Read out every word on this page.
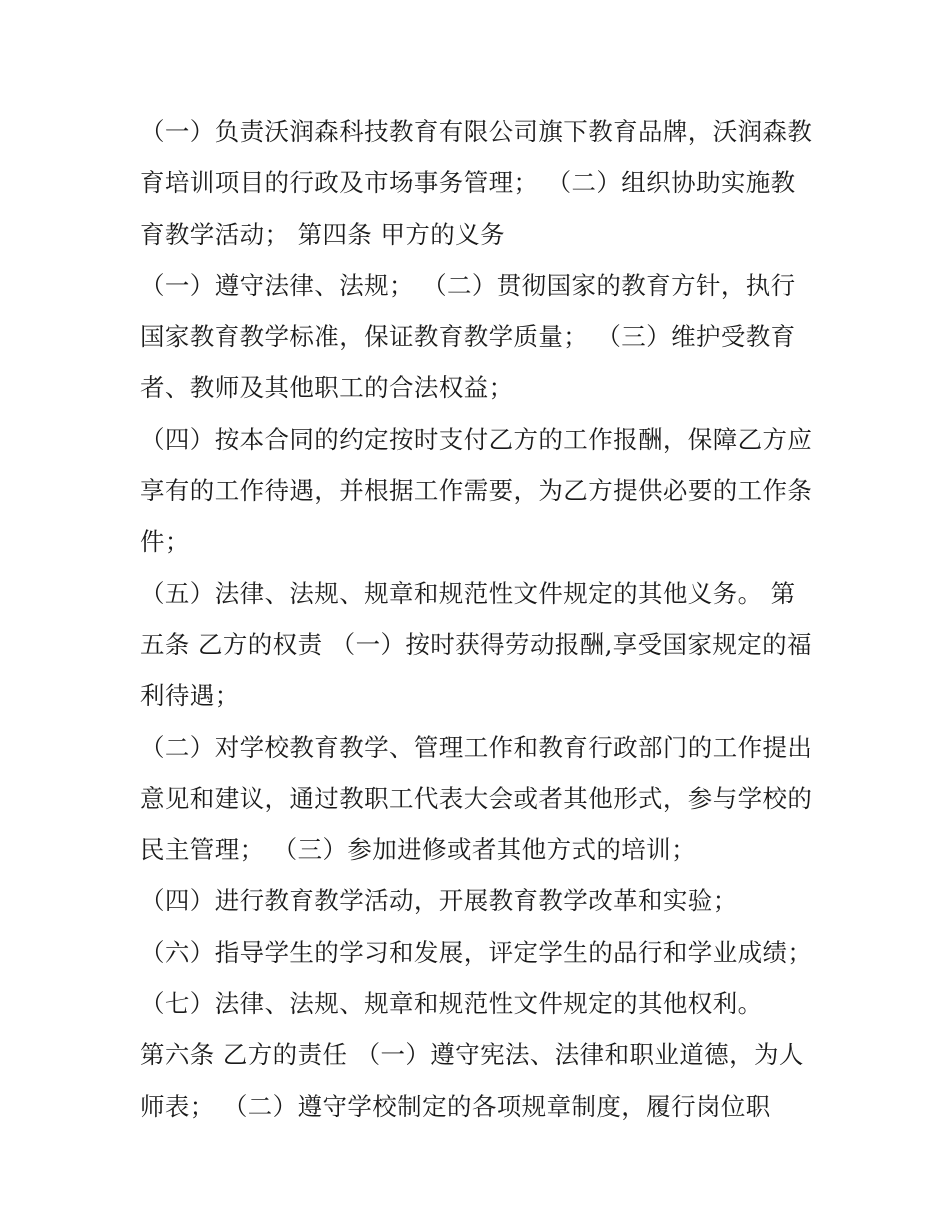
（一）负责沃润森科技教育有限公司旗下教育品牌，沃润森教育培训项目的行政及市场事务管理； （二）组织协助实施教育教学活动； 第四条 甲方的义务

（一）遵守法律、法规； （二）贯彻国家的教育方针，执行国家教育教学标准，保证教育教学质量； （三）维护受教育者、教师及其他职工的合法权益；

（四）按本合同的约定按时支付乙方的工作报酬，保障乙方应享有的工作待遇，并根据工作需要，为乙方提供必要的工作条件；

（五）法律、法规、规章和规范性文件规定的其他义务。 第五条 乙方的权责 （一）按时获得劳动报酬,享受国家规定的福利待遇；

（二）对学校教育教学、管理工作和教育行政部门的工作提出意见和建议，通过教职工代表大会或者其他形式，参与学校的民主管理； （三）参加进修或者其他方式的培训；

（四）进行教育教学活动，开展教育教学改革和实验；

（六）指导学生的学习和发展，评定学生的品行和学业成绩；

（七）法律、法规、规章和规范性文件规定的其他权利。

第六条 乙方的责任 （一）遵守宪法、法律和职业道德，为人师表； （二）遵守学校制定的各项规章制度，履行岗位职
